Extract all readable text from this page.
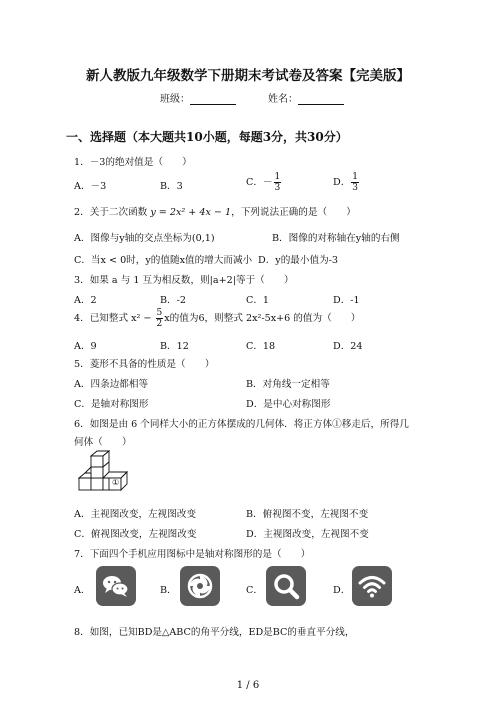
新人教版九年级数学下册期末考试卷及答案【完美版】
班级：	姓名：
一、选择题（本大题共10小题，每题3分，共30分）
1．－3的绝对值是（　　）
A．－3	B．3	C．－ $\frac{1}{3}$	D． $\frac{1}{3}$
2．关于二次函数 y = 2x² + 4x − 1，下列说法正确的是（　　）
A．图像与y轴的交点坐标为(0,1)	B．图像的对称轴在y轴的右侧
C．当x < 0时，y的值随x值的增大而减小 D．y的最小值为-3
3．如果 a 与 1 互为相反数，则|a+2|等于（　　）
A．2	B．-2	C．1	D．-1
4．已知整式 $x^2 - \frac{5}{2}$ x的值为6，则整式 2x²-5x+6 的值为（　　）
A．9	B．12	C．18	D．24
5．菱形不具备的性质是（　　）
A．四条边都相等	B．对角线一定相等
C．是轴对称图形	D．是中心对称图形
6．如图是由 6 个同样大小的正方体摆成的几何体．将正方体①移走后，所得几
何体（　　）
①
A．主视图改变，左视图改变	B．俯视图不变，左视图不变
C．俯视图改变，左视图改变	D．主视图改变，左视图不变
7．下面四个手机应用图标中是轴对称图形的是（　　）
A．	B．	C．	D．
8．如图，已知BD是△ABC的角平分线，ED是BC的垂直平分线，
1 / 6
